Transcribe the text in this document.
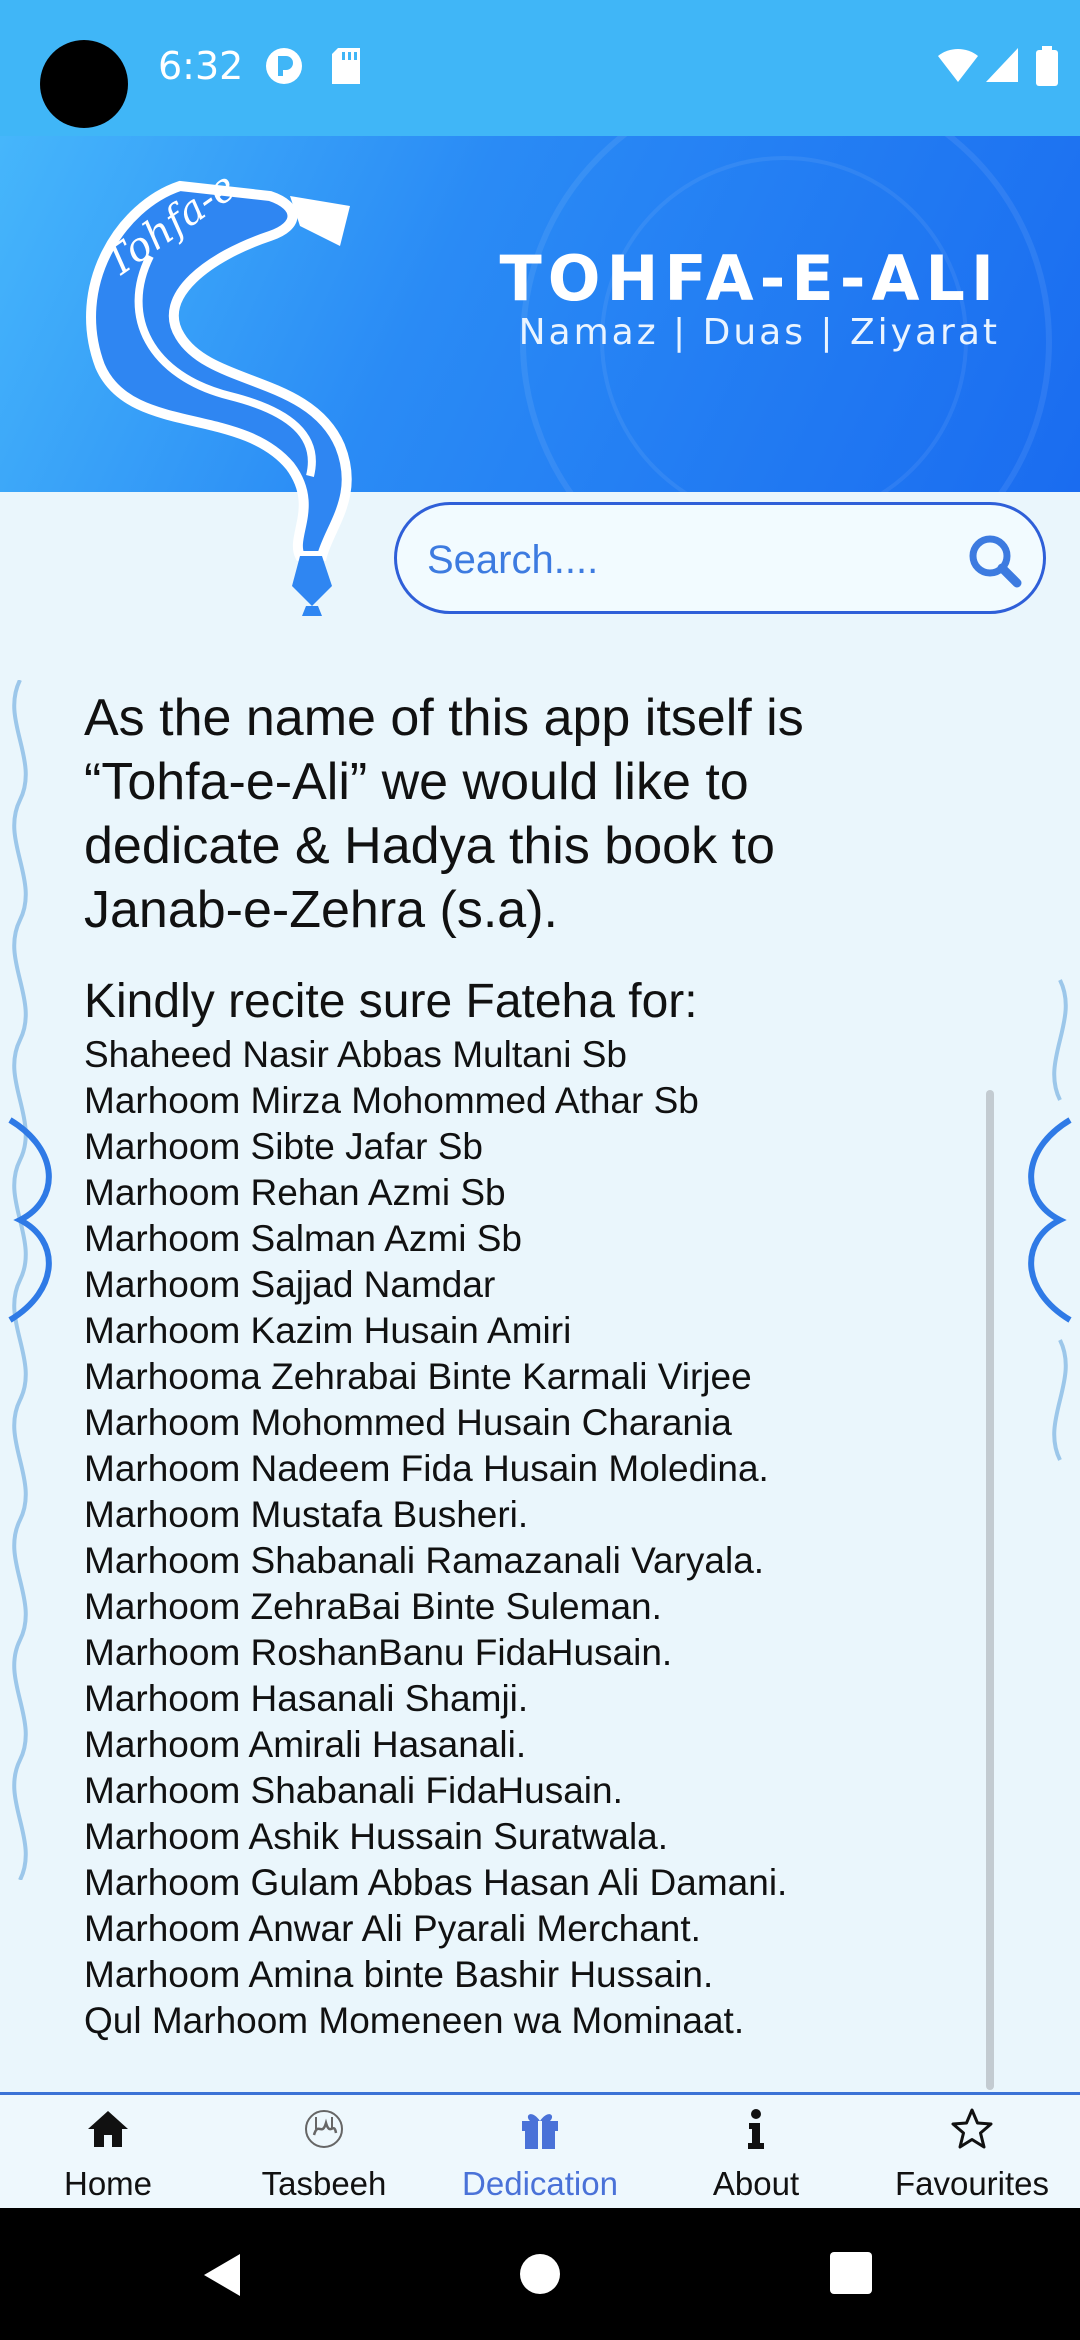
6:32
TOHFA-E-ALI
Namaz | Duas | Ziyarat
Tohfa-e
Search....
As the name of this app itself is “Tohfa-e-Ali” we would like to dedicate & Hadya this book to Janab-e-Zehra (s.a).
Kindly recite sure Fateha for:
Shaheed Nasir Abbas Multani Sb
Marhoom Mirza Mohommed Athar Sb
Marhoom Sibte Jafar Sb
Marhoom Rehan Azmi Sb
Marhoom Salman Azmi Sb
Marhoom Sajjad Namdar
Marhoom Kazim Husain Amiri
Marhooma Zehrabai Binte Karmali Virjee
Marhoom Mohommed Husain Charania
Marhoom Nadeem Fida Husain Moledina.
Marhoom Mustafa Busheri.
Marhoom Shabanali Ramazanali Varyala.
Marhoom ZehraBai Binte Suleman.
Marhoom RoshanBanu FidaHusain.
Marhoom Hasanali Shamji.
Marhoom Amirali Hasanali.
Marhoom Shabanali FidaHusain.
Marhoom Ashik Hussain Suratwala.
Marhoom Gulam Abbas Hasan Ali Damani.
Marhoom Anwar Ali Pyarali Merchant.
Marhoom Amina binte Bashir Hussain.
Qul Marhoom Momeneen wa Mominaat.
Home	Tasbeeh	Dedication	About	Favourites
